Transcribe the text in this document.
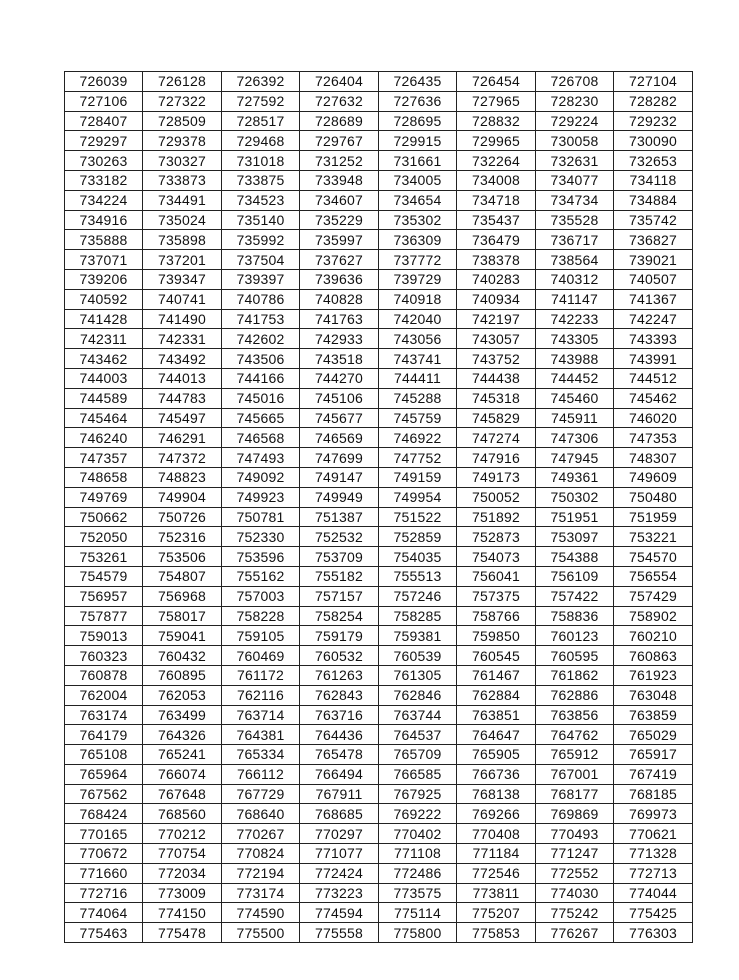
726039	726128	726392	726404	726435	726454	726708	727104
727106	727322	727592	727632	727636	727965	728230	728282
728407	728509	728517	728689	728695	728832	729224	729232
729297	729378	729468	729767	729915	729965	730058	730090
730263	730327	731018	731252	731661	732264	732631	732653
733182	733873	733875	733948	734005	734008	734077	734118
734224	734491	734523	734607	734654	734718	734734	734884
734916	735024	735140	735229	735302	735437	735528	735742
735888	735898	735992	735997	736309	736479	736717	736827
737071	737201	737504	737627	737772	738378	738564	739021
739206	739347	739397	739636	739729	740283	740312	740507
740592	740741	740786	740828	740918	740934	741147	741367
741428	741490	741753	741763	742040	742197	742233	742247
742311	742331	742602	742933	743056	743057	743305	743393
743462	743492	743506	743518	743741	743752	743988	743991
744003	744013	744166	744270	744411	744438	744452	744512
744589	744783	745016	745106	745288	745318	745460	745462
745464	745497	745665	745677	745759	745829	745911	746020
746240	746291	746568	746569	746922	747274	747306	747353
747357	747372	747493	747699	747752	747916	747945	748307
748658	748823	749092	749147	749159	749173	749361	749609
749769	749904	749923	749949	749954	750052	750302	750480
750662	750726	750781	751387	751522	751892	751951	751959
752050	752316	752330	752532	752859	752873	753097	753221
753261	753506	753596	753709	754035	754073	754388	754570
754579	754807	755162	755182	755513	756041	756109	756554
756957	756968	757003	757157	757246	757375	757422	757429
757877	758017	758228	758254	758285	758766	758836	758902
759013	759041	759105	759179	759381	759850	760123	760210
760323	760432	760469	760532	760539	760545	760595	760863
760878	760895	761172	761263	761305	761467	761862	761923
762004	762053	762116	762843	762846	762884	762886	763048
763174	763499	763714	763716	763744	763851	763856	763859
764179	764326	764381	764436	764537	764647	764762	765029
765108	765241	765334	765478	765709	765905	765912	765917
765964	766074	766112	766494	766585	766736	767001	767419
767562	767648	767729	767911	767925	768138	768177	768185
768424	768560	768640	768685	769222	769266	769869	769973
770165	770212	770267	770297	770402	770408	770493	770621
770672	770754	770824	771077	771108	771184	771247	771328
771660	772034	772194	772424	772486	772546	772552	772713
772716	773009	773174	773223	773575	773811	774030	774044
774064	774150	774590	774594	775114	775207	775242	775425
775463	775478	775500	775558	775800	775853	776267	776303
